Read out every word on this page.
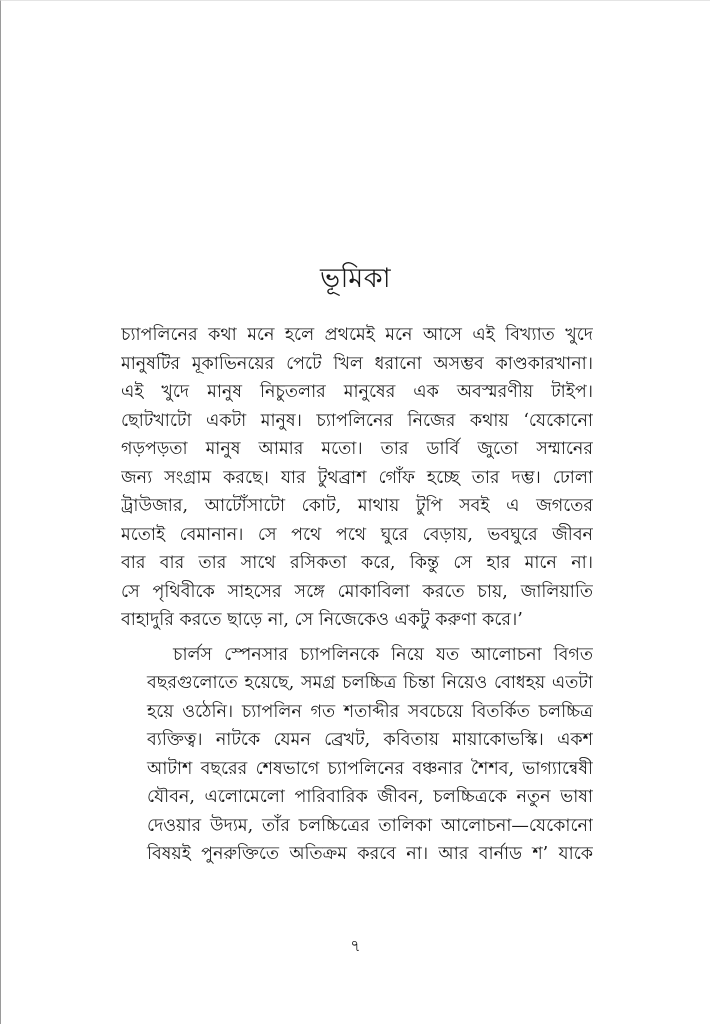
ভূমিকা
চ্যাপলিনের কথা মনে হলে প্রথমেই মনে আসে এই বিখ্যাত খুদে
মানুষটির মূকাভিনয়ের পেটে খিল ধরানো অসম্ভব কাণ্ডকারখানা।
এই খুদে মানুষ নিচুতলার মানুষের এক অবস্মরণীয় টাইপ।
ছোটখাটো একটা মানুষ। চ্যাপলিনের নিজের কথায় ‘যেকোনো
গড়পড়তা মানুষ আমার মতো। তার ডার্বি জুতো সম্মানের
জন্য সংগ্রাম করছে। যার টুথব্রাশ গোঁফ হচ্ছে তার দম্ভ। ঢোলা
ট্রাউজার, আটোঁসাটো কোট, মাথায় টুপি সবই এ জগতের
মতোই বেমানান। সে পথে পথে ঘুরে বেড়ায়, ভবঘুরে জীবন
বার বার তার সাথে রসিকতা করে, কিন্তু সে হার মানে না।
সে পৃথিবীকে সাহসের সঙ্গে মোকাবিলা করতে চায়, জালিয়াতি
বাহাদুরি করতে ছাড়ে না, সে নিজেকেও একটু করুণা করে।’
চার্লস স্পেনসার চ্যাপলিনকে নিয়ে যত আলোচনা বিগত
বছরগুলোতে হয়েছে, সমগ্র চলচ্চিত্র চিন্তা নিয়েও বোধহয় এতটা
হয়ে ওঠেনি। চ্যাপলিন গত শতাব্দীর সবচেয়ে বিতর্কিত চলচ্চিত্র
ব্যক্তিত্ব। নাটকে যেমন ব্রেখট, কবিতায় মায়াকোভস্কি। একশ
আটাশ বছরের শেষভাগে চ্যাপলিনের বঞ্চনার শৈশব, ভাগ্যান্বেষী
যৌবন, এলোমেলো পারিবারিক জীবন, চলচ্চিত্রকে নতুন ভাষা
দেওয়ার উদ্যম, তাঁর চলচ্চিত্রের তালিকা আলোচনা—যেকোনো
বিষয়ই পুনরুক্তিতে অতিক্রম করবে না। আর বার্নাড শ’ যাকে
৭
